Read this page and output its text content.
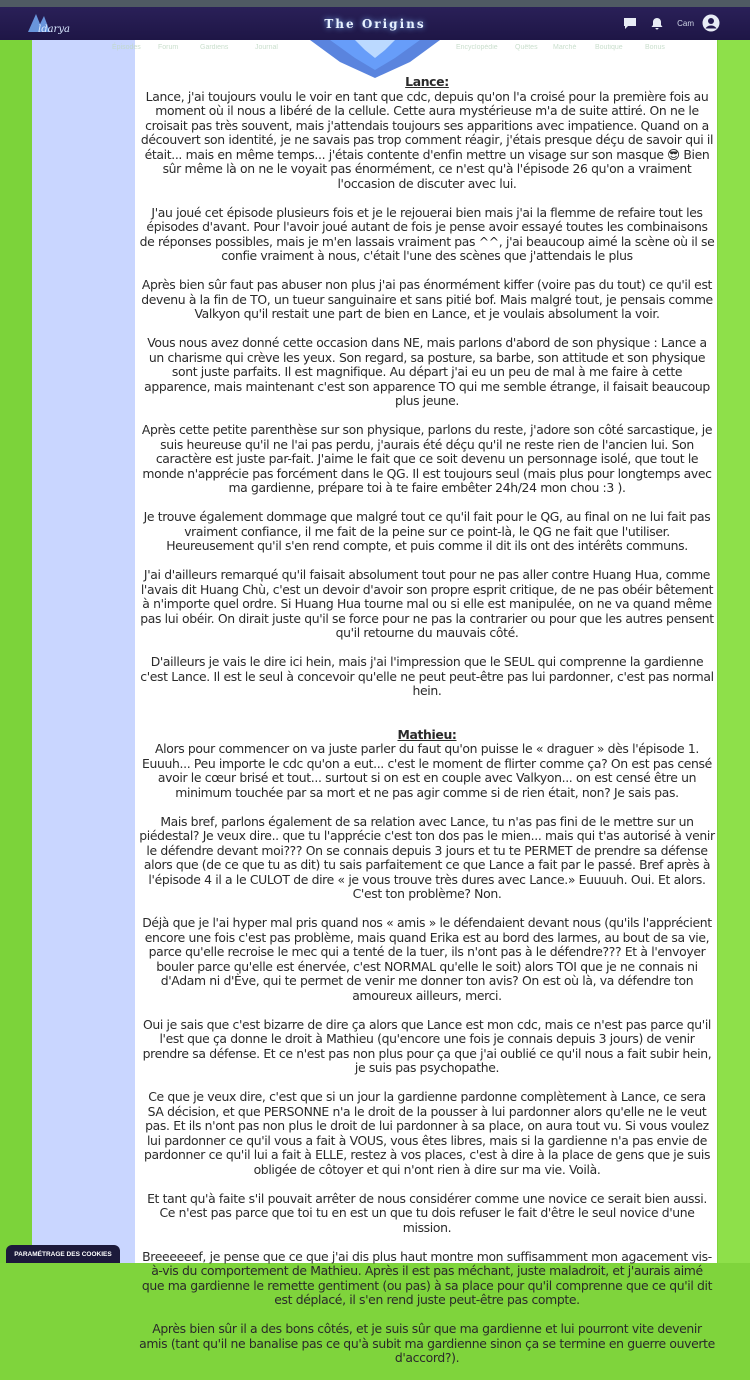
ldarya	The Origins	Cam
Épisodes Forum	Gardiens	Journal	Encyclopédie Quêtes Marché	Boutique	Bonus
Lance:

Lance, j'ai toujours voulu le voir en tant que cdc, depuis qu'on l'a croisé pour la première fois au moment où il nous a libéré de la cellule. Cette aura mystérieuse m'a de suite attiré. On ne le croisait pas très souvent, mais j'attendais toujours ses apparitions avec impatience. Quand on a découvert son identité, je ne savais pas trop comment réagir, j'étais presque déçu de savoir qui il était... mais en même temps... j'étais contente d'enfin mettre un visage sur son masque 😎 Bien sûr même là on ne le voyait pas énormément, ce n'est qu'à l'épisode 26 qu'on a vraiment l'occasion de discuter avec lui.

J'au joué cet épisode plusieurs fois et je le rejouerai bien mais j'ai la flemme de refaire tout les épisodes d'avant. Pour l'avoir joué autant de fois je pense avoir essayé toutes les combinaisons de réponses possibles, mais je m'en lassais vraiment pas ^^, j'ai beaucoup aimé la scène où il se confie vraiment à nous, c'était l'une des scènes que j'attendais le plus

Après bien sûr faut pas abuser non plus j'ai pas énormément kiffer (voire pas du tout) ce qu'il est devenu à la fin de TO, un tueur sanguinaire et sans pitié bof. Mais malgré tout, je pensais comme Valkyon qu'il restait une part de bien en Lance, et je voulais absolument la voir.

Vous nous avez donné cette occasion dans NE, mais parlons d'abord de son physique : Lance a un charisme qui crève les yeux. Son regard, sa posture, sa barbe, son attitude et son physique sont juste parfaits. Il est magnifique. Au départ j'ai eu un peu de mal à me faire à cette apparence, mais maintenant c'est son apparence TO qui me semble étrange, il faisait beaucoup plus jeune.

Après cette petite parenthèse sur son physique, parlons du reste, j'adore son côté sarcastique, je suis heureuse qu'il ne l'ai pas perdu, j'aurais été déçu qu'il ne reste rien de l'ancien lui. Son caractère est juste par-fait. J'aime le fait que ce soit devenu un personnage isolé, que tout le monde n'apprécie pas forcément dans le QG. Il est toujours seul (mais plus pour longtemps avec ma gardienne, prépare toi à te faire embêter 24h/24 mon chou :3 ).

Je trouve également dommage que malgré tout ce qu'il fait pour le QG, au final on ne lui fait pas vraiment confiance, il me fait de la peine sur ce point-là, le QG ne fait que l'utiliser. Heureusement qu'il s'en rend compte, et puis comme il dit ils ont des intérêts communs.

J'ai d'ailleurs remarqué qu'il faisait absolument tout pour ne pas aller contre Huang Hua, comme l'avais dit Huang Chù, c'est un devoir d'avoir son propre esprit critique, de ne pas obéir bêtement à n'importe quel ordre. Si Huang Hua tourne mal ou si elle est manipulée, on ne va quand même pas lui obéir. On dirait juste qu'il se force pour ne pas la contrarier ou pour que les autres pensent qu'il retourne du mauvais côté.

D'ailleurs je vais le dire ici hein, mais j'ai l'impression que le SEUL qui comprenne la gardienne c'est Lance. Il est le seul à concevoir qu'elle ne peut peut-être pas lui pardonner, c'est pas normal hein.

Mathieu:

Alors pour commencer on va juste parler du faut qu'on puisse le « draguer » dès l'épisode 1. Euuuh... Peu importe le cdc qu'on a eut... c'est le moment de flirter comme ça? On est pas censé avoir le cœur brisé et tout... surtout si on est en couple avec Valkyon... on est censé être un minimum touchée par sa mort et ne pas agir comme si de rien était, non? Je sais pas.

Mais bref, parlons également de sa relation avec Lance, tu n'as pas fini de le mettre sur un piédestal? Je veux dire.. que tu l'apprécie c'est ton dos pas le mien... mais qui t'as autorisé à venir le défendre devant moi??? On se connais depuis 3 jours et tu te PERMET de prendre sa défense alors que (de ce que tu as dit) tu sais parfaitement ce que Lance a fait par le passé. Bref après à l'épisode 4 il a le CULOT de dire « je vous trouve très dures avec Lance.» Euuuuh. Oui. Et alors. C'est ton problème? Non.

Déjà que je l'ai hyper mal pris quand nos « amis » le défendaient devant nous (qu'ils l'apprécient encore une fois c'est pas problème, mais quand Erika est au bord des larmes, au bout de sa vie, parce qu'elle recroise le mec qui a tenté de la tuer, ils n'ont pas à le défendre??? Et à l'envoyer bouler parce qu'elle est énervée, c'est NORMAL qu'elle le soit) alors TOI que je ne connais ni d'Adam ni d'Ève, qui te permet de venir me donner ton avis? On est où là, va défendre ton amoureux ailleurs, merci.

Oui je sais que c'est bizarre de dire ça alors que Lance est mon cdc, mais ce n'est pas parce qu'il l'est que ça donne le droit à Mathieu (qu'encore une fois je connais depuis 3 jours) de venir prendre sa défense. Et ce n'est pas non plus pour ça que j'ai oublié ce qu'il nous a fait subir hein, je suis pas psychopathe.

Ce que je veux dire, c'est que si un jour la gardienne pardonne complètement à Lance, ce sera SA décision, et que PERSONNE n'a le droit de la pousser à lui pardonner alors qu'elle ne le veut pas. Et ils n'ont pas non plus le droit de lui pardonner à sa place, on aura tout vu. Si vous voulez lui pardonner ce qu'il vous a fait à VOUS, vous êtes libres, mais si la gardienne n'a pas envie de pardonner ce qu'il lui a fait à ELLE, restez à vos places, c'est à dire à la place de gens que je suis obligée de côtoyer et qui n'ont rien à dire sur ma vie. Voilà.

Et tant qu'à faite s'il pouvait arrêter de nous considérer comme une novice ce serait bien aussi. Ce n'est pas parce que toi tu en est un que tu dois refuser le fait d'être le seul novice d'une mission.

Breeeeeef, je pense que ce que j'ai dis plus haut montre mon suffisamment mon agacement vis-à-vis du comportement de Mathieu. Après il est pas méchant, juste maladroit, et j'aurais aimé que ma gardienne le remette gentiment (ou pas) à sa place pour qu'il comprenne que ce qu'il dit est déplacé, il s'en rend juste peut-être pas compte.

Après bien sûr il a des bons côtés, et je suis sûr que ma gardienne et lui pourront vite devenir amis (tant qu'il ne banalise pas ce qu'à subit ma gardienne sinon ça se termine en guerre ouverte d'accord?).

PARAMÉTRAGE DES COOKIES
